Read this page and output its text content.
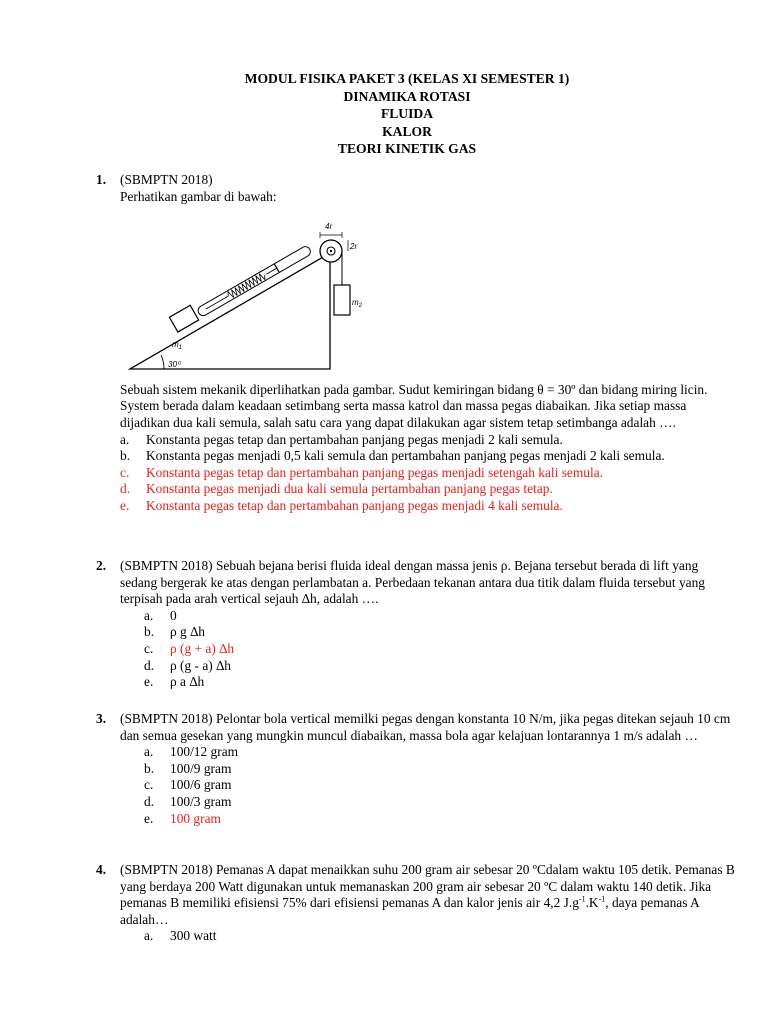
MODUL FISIKA PAKET 3 (KELAS XI SEMESTER 1)
DINAMIKA ROTASI
FLUIDA
KALOR
TEORI KINETIK GAS
1. (SBMPTN 2018)

Perhatikan gambar di bawah:

30⁰
$m_1$
4r
2r
$m_2$

Sebuah sistem mekanik diperlihatkan pada gambar. Sudut kemiringan bidang θ = 30º dan bidang miring licin. System berada dalam keadaan setimbang serta massa katrol dan massa pegas diabaikan. Jika setiap massa dijadikan dua kali semula, salah satu cara yang dapat dilakukan agar sistem tetap setimbanga adalah ….

a.	Konstanta pegas tetap dan pertambahan panjang pegas menjadi 2 kali semula.
b.	Konstanta pegas menjadi 0,5 kali semula dan pertambahan panjang pegas menjadi 2 kali semula.
c.	Konstanta pegas tetap dan pertambahan panjang pegas menjadi setengah kali semula.
d.	Konstanta pegas menjadi dua kali semula pertambahan panjang pegas tetap.
e.	Konstanta pegas tetap dan pertambahan panjang pegas menjadi 4 kali semula.
2. (SBMPTN 2018) Sebuah bejana berisi fluida ideal dengan massa jenis ρ. Bejana tersebut berada di lift yang sedang bergerak ke atas dengan perlambatan a. Perbedaan tekanan antara dua titik dalam fluida tersebut yang terpisah pada arah vertical sejauh ∆h, adalah ….

a.	0
b.	ρ g ∆h
c.	ρ (g + a) ∆h
d.	ρ (g - a) ∆h
e.	ρ a ∆h
3. (SBMPTN 2018) Pelontar bola vertical memilki pegas dengan konstanta 10 N/m, jika pegas ditekan sejauh 10 cm dan semua gesekan yang mungkin muncul diabaikan, massa bola agar kelajuan lontarannya 1 m/s adalah …

a.	100/12 gram
b.	100/9 gram
c.	100/6 gram
d.	100/3 gram
e.	100 gram
4. (SBMPTN 2018) Pemanas A dapat menaikkan suhu 200 gram air sebesar 20 ºCdalam waktu 105 detik. Pemanas B yang berdaya 200 Watt digunakan untuk memanaskan 200 gram air sebesar 20 ºC dalam waktu 140 detik. Jika pemanas B memiliki efisiensi 75% dari efisiensi pemanas A dan kalor jenis air 4,2 $J.g^{-1}.K^{-1}$, daya pemanas A adalah…

a.	300 watt
